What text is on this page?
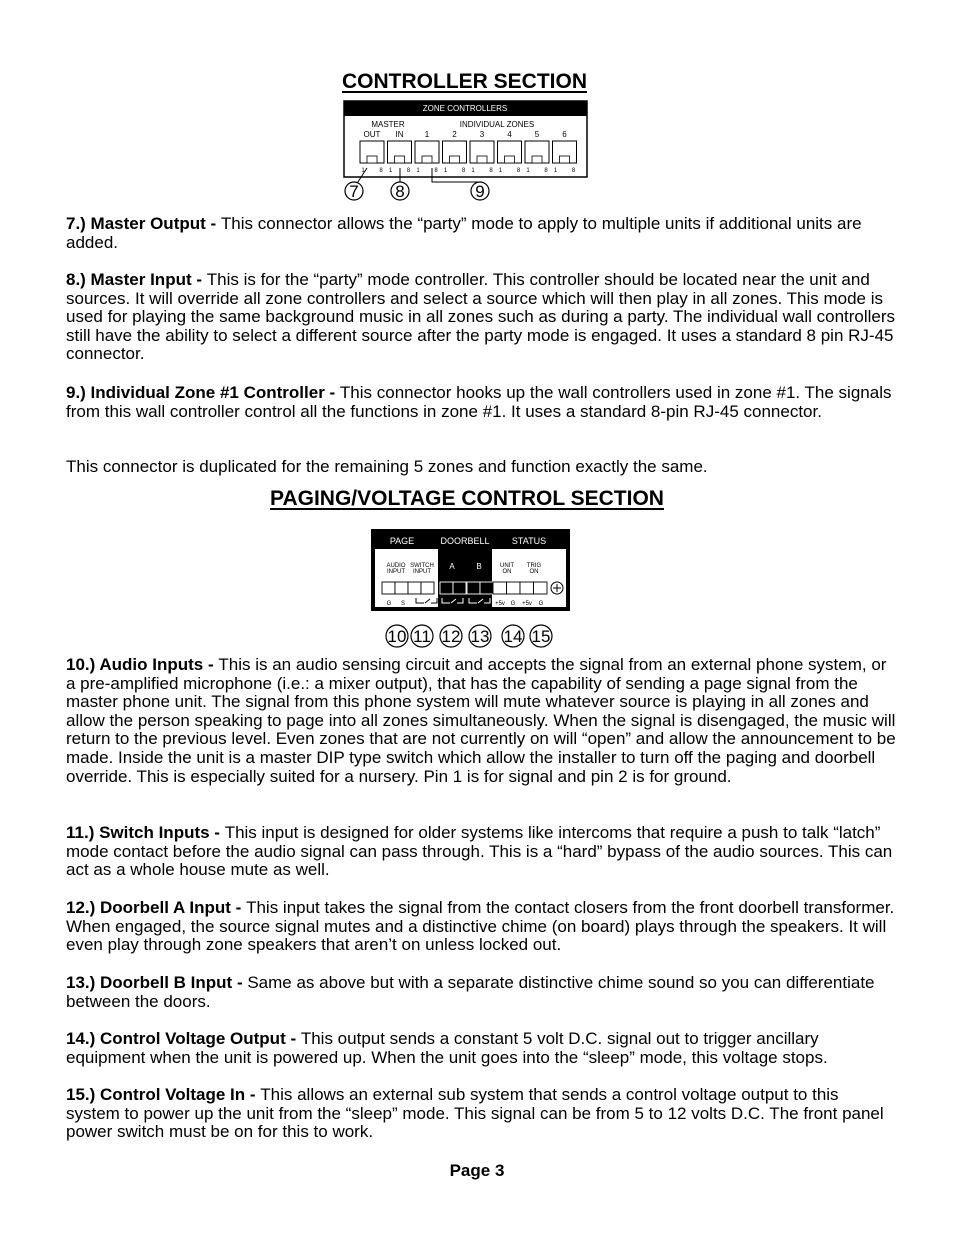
CONTROLLER SECTION
ZONE CONTROLLERS
MASTER	INDIVIDUAL ZONES
OUT
1 8
IN
1 8
1
1 8
2
1 8
3
1 8
4
1 8
5
1 8
6
1 8
7 8	9

7.) Master Output - This connector allows the “party” mode to apply to multiple units if additional units are added.

8.) Master Input - This is for the “party” mode controller. This controller should be located near the unit and sources. It will override all zone controllers and select a source which will then play in all zones. This mode is used for playing the same background music in all zones such as during a party. The individual wall controllers still have the ability to select a different source after the party mode is engaged. It uses a standard 8 pin RJ-45 connector.

9.) Individual Zone #1 Controller - This connector hooks up the wall controllers used in zone #1. The signals from this wall controller control all the functions in zone #1. It uses a standard 8-pin RJ-45 connector.

This connector is duplicated for the remaining 5 zones and function exactly the same.

PAGING/VOLTAGE CONTROL SECTION
PAGE	DOORBELL STATUS
AUDIO
INPUT
SWITCH
INPUT
A	B	UNIT
ON
TRIG
ON
G S	+5v G +5v G
10 11 12 13 14 15

10.) Audio Inputs - This is an audio sensing circuit and accepts the signal from an external phone system, or a pre-amplified microphone (i.e.: a mixer output), that has the capability of sending a page signal from the master phone unit. The signal from this phone system will mute whatever source is playing in all zones and allow the person speaking to page into all zones simultaneously. When the signal is disengaged, the music will return to the previous level. Even zones that are not currently on will “open” and allow the announcement to be made. Inside the unit is a master DIP type switch which allow the installer to turn off the paging and doorbell override. This is especially suited for a nursery. Pin 1 is for signal and pin 2 is for ground.

11.) Switch Inputs - This input is designed for older systems like intercoms that require a push to talk “latch” mode contact before the audio signal can pass through. This is a “hard” bypass of the audio sources. This can act as a whole house mute as well.

12.) Doorbell A Input - This input takes the signal from the contact closers from the front doorbell transformer. When engaged, the source signal mutes and a distinctive chime (on board) plays through the speakers. It will even play through zone speakers that aren’t on unless locked out.

13.) Doorbell B Input - Same as above but with a separate distinctive chime sound so you can differentiate between the doors.

14.) Control Voltage Output - This output sends a constant 5 volt D.C. signal out to trigger ancillary equipment when the unit is powered up. When the unit goes into the “sleep” mode, this voltage stops.

15.) Control Voltage In - This allows an external sub system that sends a control voltage output to this system to power up the unit from the “sleep” mode. This signal can be from 5 to 12 volts D.C. The front panel power switch must be on for this to work.

Page 3
